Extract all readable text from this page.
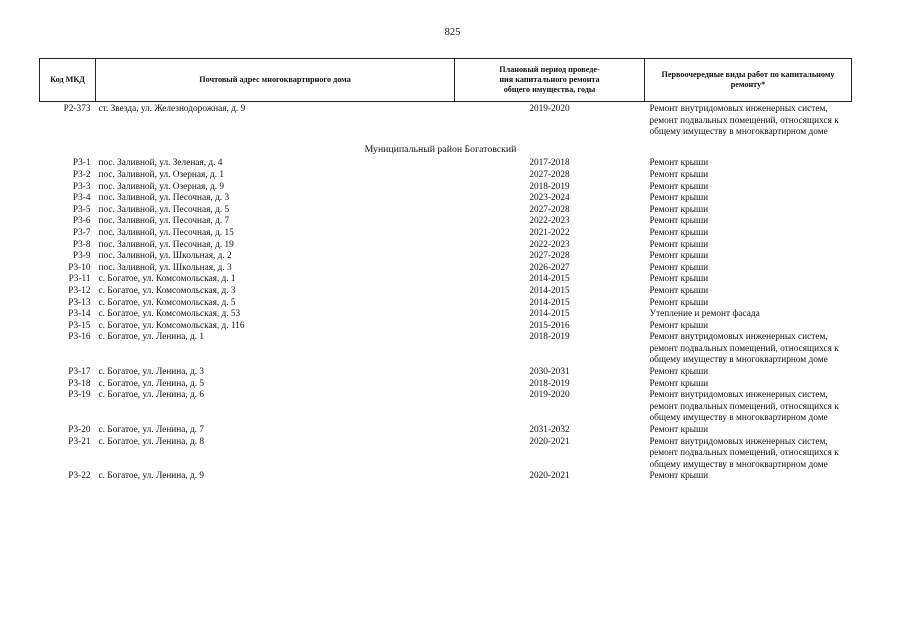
825
Код МКД	Почтовый адрес многоквартирного дома	Плановый период проведе-
ния капитального ремонта
общего имущества, годы	Первоочередные виды работ по капитальному
ремонту*
Р2-373	ст. Звезда, ул. Железнодорожная, д. 9	2019-2020	Ремонт внутридомовых инженерных систем,
ремонт подвальных помещений, относящихся к
общему имуществу в многоквартирном доме

Муниципальный район Богатовский			
Р3-1	пос. Заливной, ул. Зеленая, д. 4	2017-2018	Ремонт крыши

Р3-2	пос. Заливной, ул. Озерная, д. 1	2027-2028	Ремонт крыши

Р3-3	пос. Заливной, ул. Озерная, д. 9	2018-2019	Ремонт крыши

Р3-4	пос. Заливной, ул. Песочная, д. 3	2023-2024	Ремонт крыши

Р3-5	пос. Заливной, ул. Песочная, д. 5	2027-2028	Ремонт крыши

Р3-6	пос. Заливной, ул. Песочная, д. 7	2022-2023	Ремонт крыши

Р3-7	пос. Заливной, ул. Песочная, д. 15	2021-2022	Ремонт крыши

Р3-8	пос. Заливной, ул. Песочная, д. 19	2022-2023	Ремонт крыши

Р3-9	пос. Заливной, ул. Школьная, д. 2	2027-2028	Ремонт крыши

Р3-10	пос. Заливной, ул. Школьная, д. 3	2026-2027	Ремонт крыши

Р3-11	с. Богатое, ул. Комсомольская, д. 1	2014-2015	Ремонт крыши

Р3-12	с. Богатое, ул. Комсомольская, д. 3	2014-2015	Ремонт крыши

Р3-13	с. Богатое, ул. Комсомольская, д. 5	2014-2015	Ремонт крыши

Р3-14	с. Богатое, ул. Комсомольская, д. 53	2014-2015	Утепление и ремонт фасада

Р3-15	с. Богатое, ул. Комсомольская, д. 116	2015-2016	Ремонт крыши

Р3-16	с. Богатое, ул. Ленина, д. 1	2018-2019	Ремонт внутридомовых инженерных систем,
ремонт подвальных помещений, относящихся к
общему имуществу в многоквартирном доме

Р3-17	с. Богатое, ул. Ленина, д. 3	2030-2031	Ремонт крыши

Р3-18	с. Богатое, ул. Ленина, д. 5	2018-2019	Ремонт крыши

Р3-19	с. Богатое, ул. Ленина, д. 6	2019-2020	Ремонт внутридомовых инженерных систем,
ремонт подвальных помещений, относящихся к
общему имуществу в многоквартирном доме

Р3-20	с. Богатое, ул. Ленина, д. 7	2031-2032	Ремонт крыши

Р3-21	с. Богатое, ул. Ленина, д. 8	2020-2021	Ремонт внутридомовых инженерных систем,
ремонт подвальных помещений, относящихся к
общему имуществу в многоквартирном доме

Р3-22	с. Богатое, ул. Ленина, д. 9	2020-2021	Ремонт крыши
